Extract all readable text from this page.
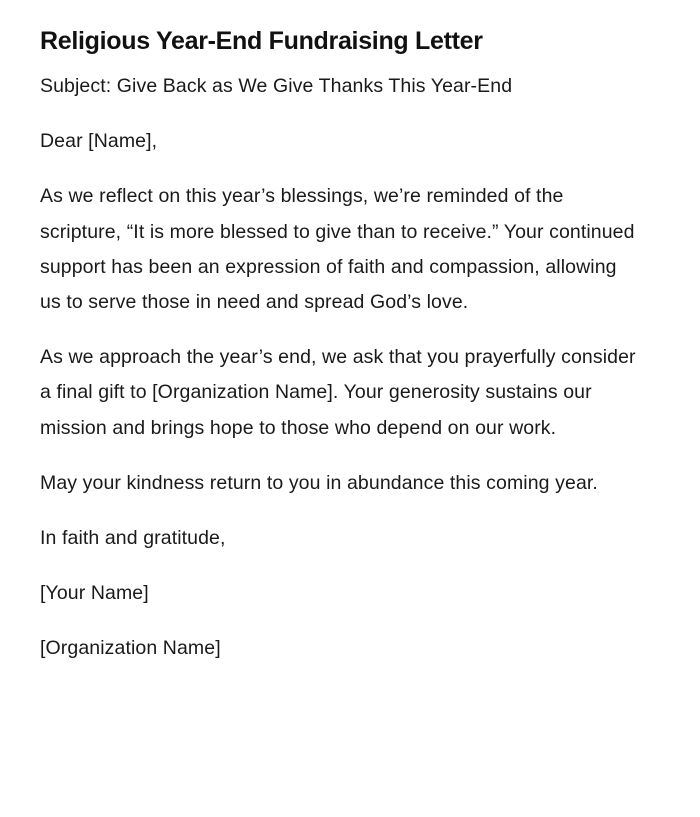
Religious Year-End Fundraising Letter

Subject: Give Back as We Give Thanks This Year-End

Dear [Name],

As we reflect on this year’s blessings, we’re reminded of the scripture, “It is more blessed to give than to receive.” Your continued support has been an expression of faith and compassion, allowing us to serve those in need and spread God’s love.

As we approach the year’s end, we ask that you prayerfully consider a final gift to [Organization Name]. Your generosity sustains our mission and brings hope to those who depend on our work.

May your kindness return to you in abundance this coming year.

In faith and gratitude,

[Your Name]

[Organization Name]
